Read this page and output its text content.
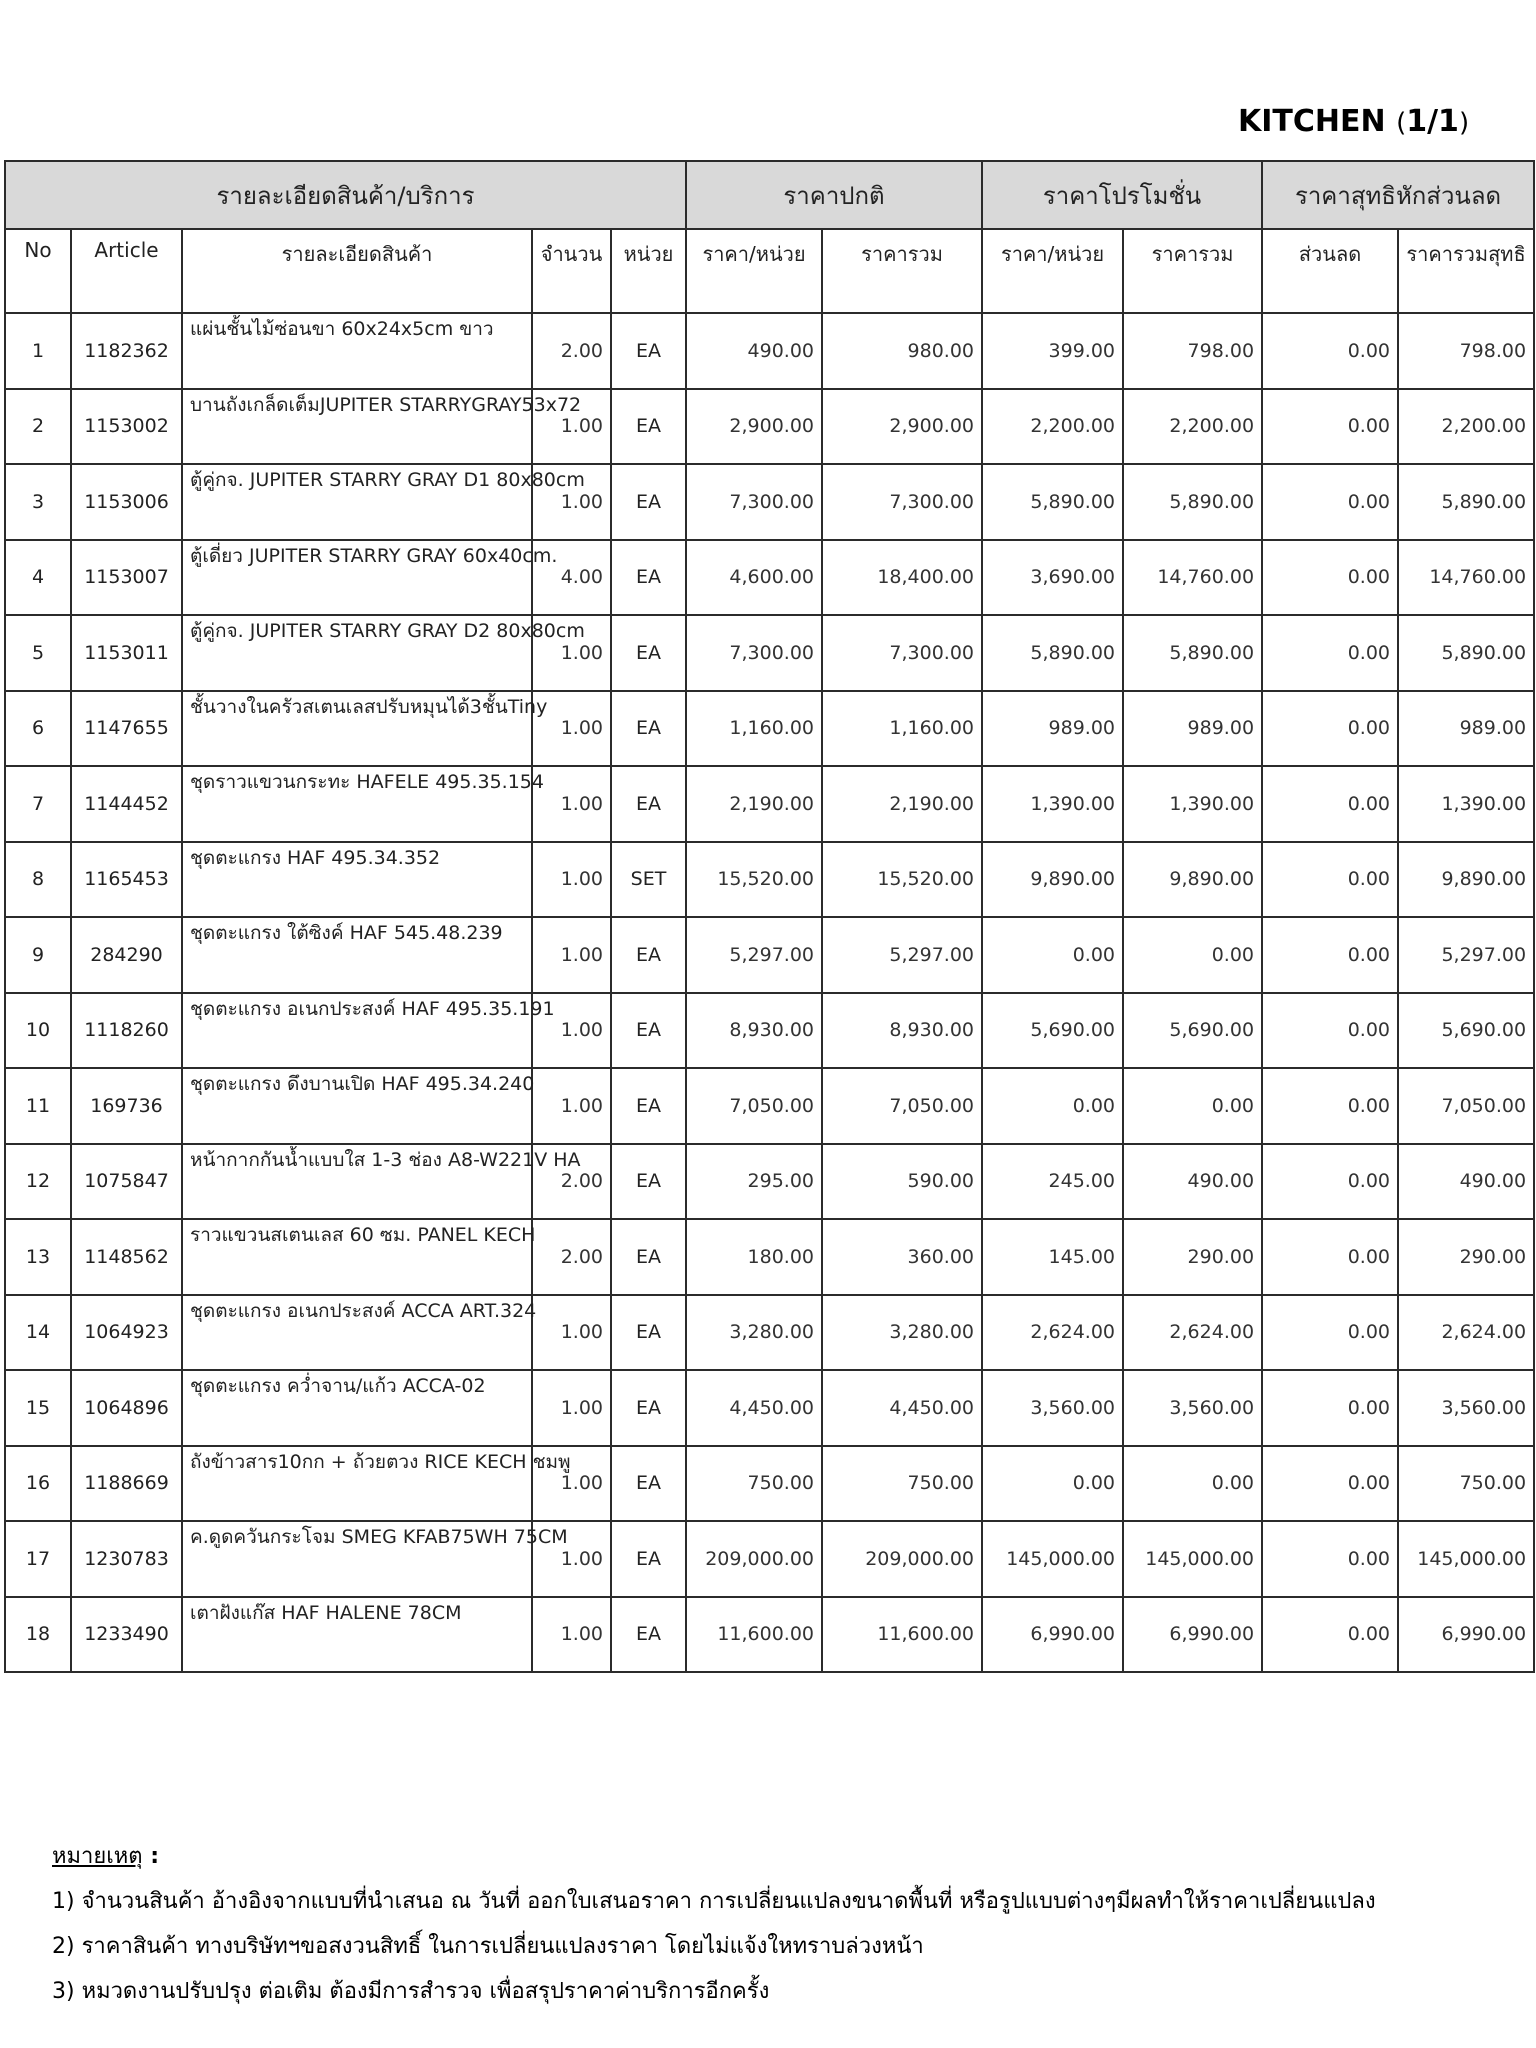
KITCHEN (1/1)
รายละเอียดสินค้า/บริการ					ราคาปกติ		ราคาโปรโมชั่น		ราคาสุทธิหักส่วนลด	
No	Article	รายละเอียดสินค้า	จำนวน	หน่วย	ราคา/หน่วย	ราคารวม	ราคา/หน่วย	ราคารวม	ส่วนลด	ราคารวมสุทธิ
1	1182362	แผ่นชั้นไม้ซ่อนขา 60x24x5cm ขาว	2.00	EA	490.00	980.00	399.00	798.00	0.00	798.00
2	1153002	บานถังเกล็ดเต็มJUPITER STARRYGRAY53x72	1.00	EA	2,900.00	2,900.00	2,200.00	2,200.00	0.00	2,200.00
3	1153006	ตู้คู่กจ. JUPITER STARRY GRAY D1 80x80cm	1.00	EA	7,300.00	7,300.00	5,890.00	5,890.00	0.00	5,890.00
4	1153007	ตู้เดี่ยว JUPITER STARRY GRAY 60x40cm.	4.00	EA	4,600.00	18,400.00	3,690.00	14,760.00	0.00	14,760.00
5	1153011	ตู้คู่กจ. JUPITER STARRY GRAY D2 80x80cm	1.00	EA	7,300.00	7,300.00	5,890.00	5,890.00	0.00	5,890.00
6	1147655	ชั้นวางในครัวสเตนเลสปรับหมุนได้3ชั้นTiny	1.00	EA	1,160.00	1,160.00	989.00	989.00	0.00	989.00
7	1144452	ชุดราวแขวนกระทะ HAFELE 495.35.154	1.00	EA	2,190.00	2,190.00	1,390.00	1,390.00	0.00	1,390.00
8	1165453	ชุดตะแกรง HAF 495.34.352	1.00	SET	15,520.00	15,520.00	9,890.00	9,890.00	0.00	9,890.00
9	284290	ชุดตะแกรง ใต้ซิงค์ HAF 545.48.239	1.00	EA	5,297.00	5,297.00	0.00	0.00	0.00	5,297.00
10	1118260	ชุดตะแกรง อเนกประสงค์ HAF 495.35.191	1.00	EA	8,930.00	8,930.00	5,690.00	5,690.00	0.00	5,690.00
11	169736	ชุดตะแกรง ดึงบานเปิด HAF 495.34.240	1.00	EA	7,050.00	7,050.00	0.00	0.00	0.00	7,050.00
12	1075847	หน้ากากกันน้ำแบบใส 1-3 ช่อง A8-W221V HA	2.00	EA	295.00	590.00	245.00	490.00	0.00	490.00
13	1148562	ราวแขวนสเตนเลส 60 ซม. PANEL KECH	2.00	EA	180.00	360.00	145.00	290.00	0.00	290.00
14	1064923	ชุดตะแกรง อเนกประสงค์ ACCA ART.324	1.00	EA	3,280.00	3,280.00	2,624.00	2,624.00	0.00	2,624.00
15	1064896	ชุดตะแกรง คว่ำจาน/แก้ว ACCA-02	1.00	EA	4,450.00	4,450.00	3,560.00	3,560.00	0.00	3,560.00
16	1188669	ถังข้าวสาร10กก + ถ้วยตวง RICE KECH ชมพู	1.00	EA	750.00	750.00	0.00	0.00	0.00	750.00
17	1230783	ค.ดูดควันกระโจม SMEG KFAB75WH 75CM	1.00	EA	209,000.00	209,000.00	145,000.00	145,000.00	0.00	145,000.00
18	1233490	เตาฝังแก๊ส HAF HALENE 78CM	1.00	EA	11,600.00	11,600.00	6,990.00	6,990.00	0.00	6,990.00
หมายเหตุ :
1) จำนวนสินค้า อ้างอิงจากแบบที่นำเสนอ ณ วันที่ ออกใบเสนอราคา การเปลี่ยนแปลงขนาดพื้นที่ หรือรูปแบบต่างๆมีผลทำให้ราคาเปลี่ยนแปลง
2) ราคาสินค้า ทางบริษัทฯขอสงวนสิทธิ์ ในการเปลี่ยนแปลงราคา โดยไม่แจ้งใหทราบล่วงหน้า
3) หมวดงานปรับปรุง ต่อเติม ต้องมีการสำรวจ เพื่อสรุปราคาค่าบริการอีกครั้ง
